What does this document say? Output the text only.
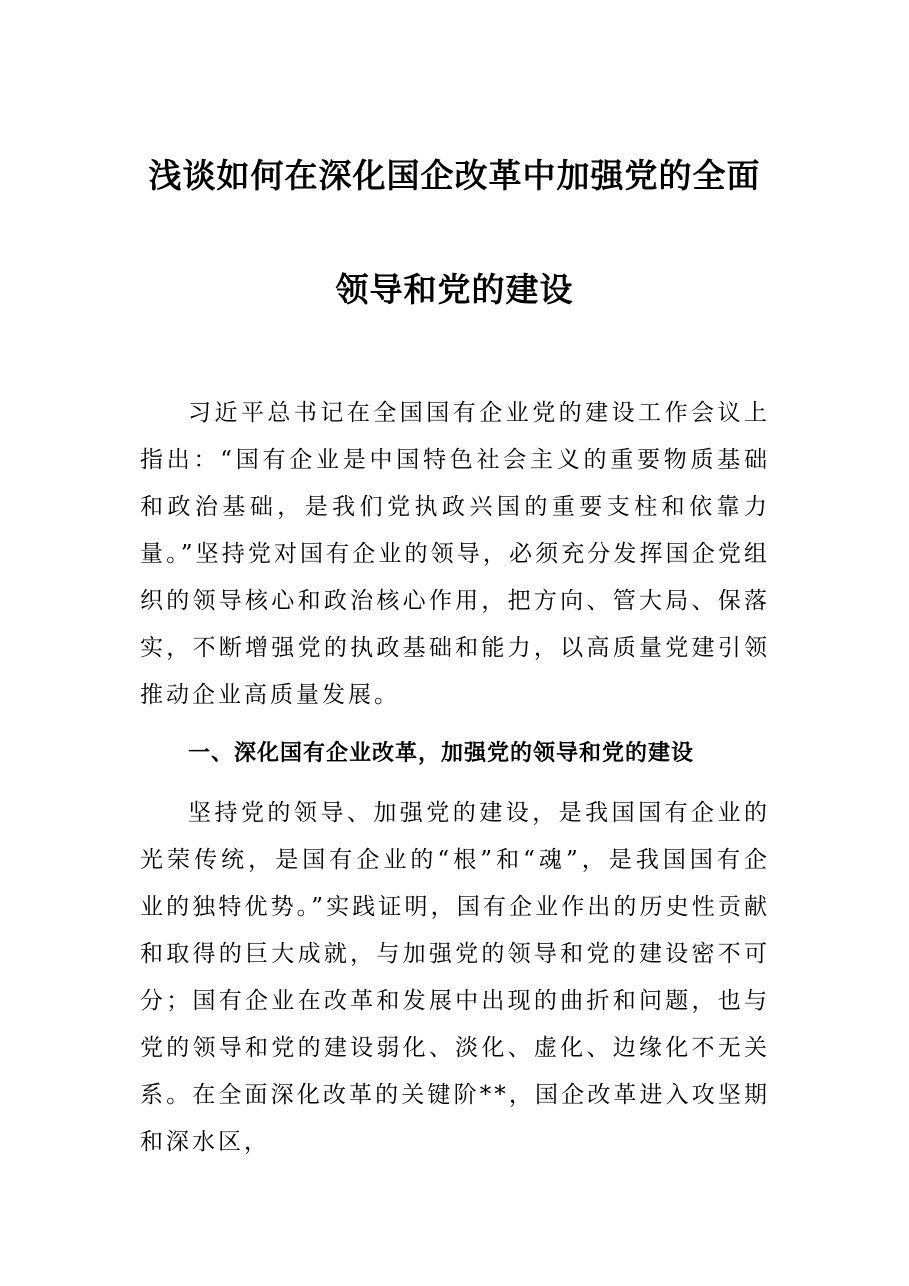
浅谈如何在深化国企改革中加强党的全面
领导和党的建设

习近平总书记在全国国有企业党的建设工作会议上指出：“国有企业是中国特色社会主义的重要物质基础和政治基础，是我们党执政兴国的重要支柱和依靠力量。”坚持党对国有企业的领导，必须充分发挥国企党组织的领导核心和政治核心作用，把方向、管大局、保落实，不断增强党的执政基础和能力，以高质量党建引领推动企业高质量发展。

一、深化国有企业改革，加强党的领导和党的建设

坚持党的领导、加强党的建设，是我国国有企业的光荣传统，是国有企业的“根”和“魂”，是我国国有企业的独特优势。”实践证明，国有企业作出的历史性贡献和取得的巨大成就，与加强党的领导和党的建设密不可分；国有企业在改革和发展中出现的曲折和问题，也与党的领导和党的建设弱化、淡化、虚化、边缘化不无关系。在全面深化改革的关键阶**，国企改革进入攻坚期和深水区，
